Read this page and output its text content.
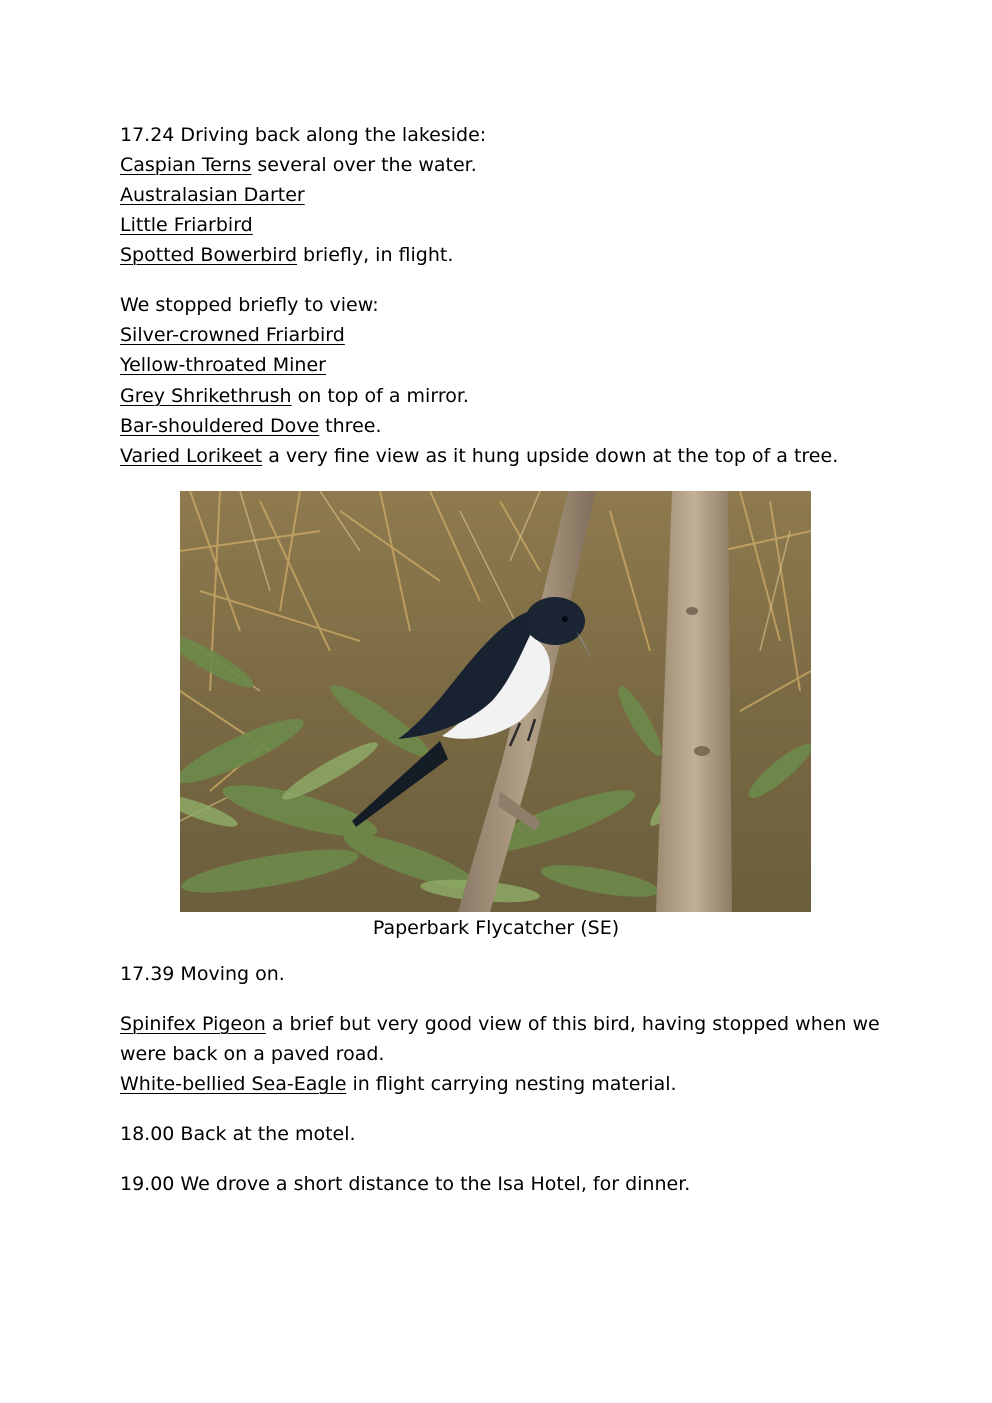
17.24 Driving back along the lakeside:
Caspian Terns several over the water.
Australasian Darter
Little Friarbird
Spotted Bowerbird briefly, in flight.
We stopped briefly to view:
Silver-crowned Friarbird
Yellow-throated Miner
Grey Shrikethrush on top of a mirror.
Bar-shouldered Dove three.
Varied Lorikeet a very fine view as it hung upside down at the top of a tree.
17.39 Moving on.
Spinifex Pigeon a brief but very good view of this bird, having stopped when we
were back on a paved road.
White-bellied Sea-Eagle in flight carrying nesting material.
18.00 Back at the motel.
19.00 We drove a short distance to the Isa Hotel, for dinner.
Paperbark Flycatcher (SE)
